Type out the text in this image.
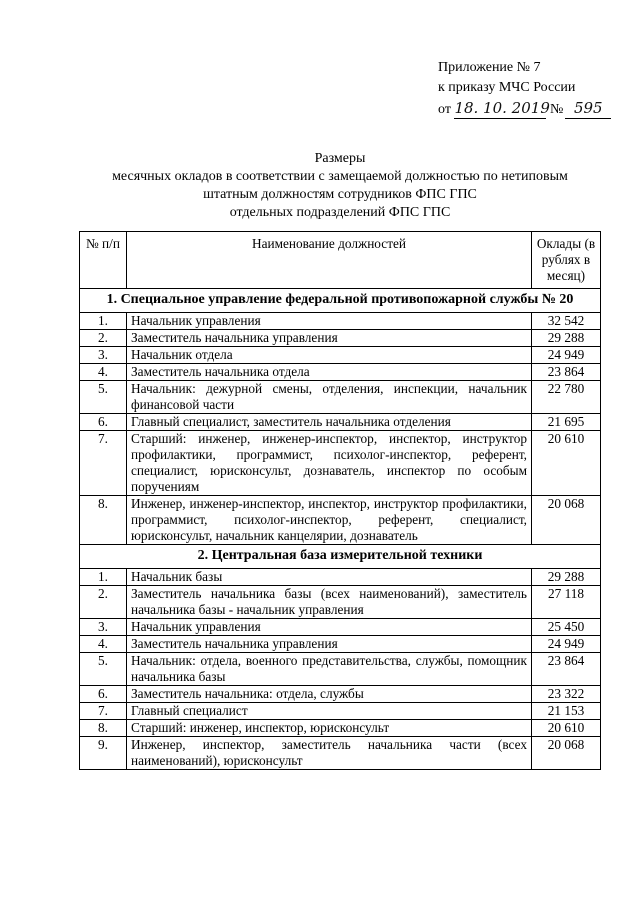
Приложение № 7
к приказу МЧС России
от 18. 10. 2019 № 595
Размеры
месячных окладов в соответствии с замещаемой должностью по нетиповым
штатным должностям сотрудников ФПС ГПС
отдельных подразделений ФПС ГПС
№ п/п	Наименование должностей	Оклады (в рублях в месяц)
1. Специальное управление федеральной противопожарной службы № 20		
1.	Начальник управления	32 542
2.	Заместитель начальника управления	29 288
3.	Начальник отдела	24 949
4.	Заместитель начальника отдела	23 864
5.	Начальник: дежурной смены, отделения, инспекции, начальник финансовой части	22 780
6.	Главный специалист, заместитель начальника отделения	21 695
7.	Старший: инженер, инженер-инспектор, инспектор, инструктор профилактики, программист, психолог-инспектор, референт, специалист, юрисконсульт, дознаватель, инспектор по особым поручениям	20 610
8.	Инженер, инженер-инспектор, инспектор, инструктор профилактики, программист, психолог-инспектор, референт, специалист, юрисконсульт, начальник канцелярии, дознаватель	20 068
2. Центральная база измерительной техники		
1.	Начальник базы	29 288
2.	Заместитель начальника базы (всех наименований), заместитель начальника базы - начальник управления	27 118
3.	Начальник управления	25 450
4.	Заместитель начальника управления	24 949
5.	Начальник: отдела, военного представительства, службы, помощник начальника базы	23 864
6.	Заместитель начальника: отдела, службы	23 322
7.	Главный специалист	21 153
8.	Старший: инженер, инспектор, юрисконсульт	20 610
9.	Инженер, инспектор, заместитель начальника части (всех наименований), юрисконсульт	20 068
